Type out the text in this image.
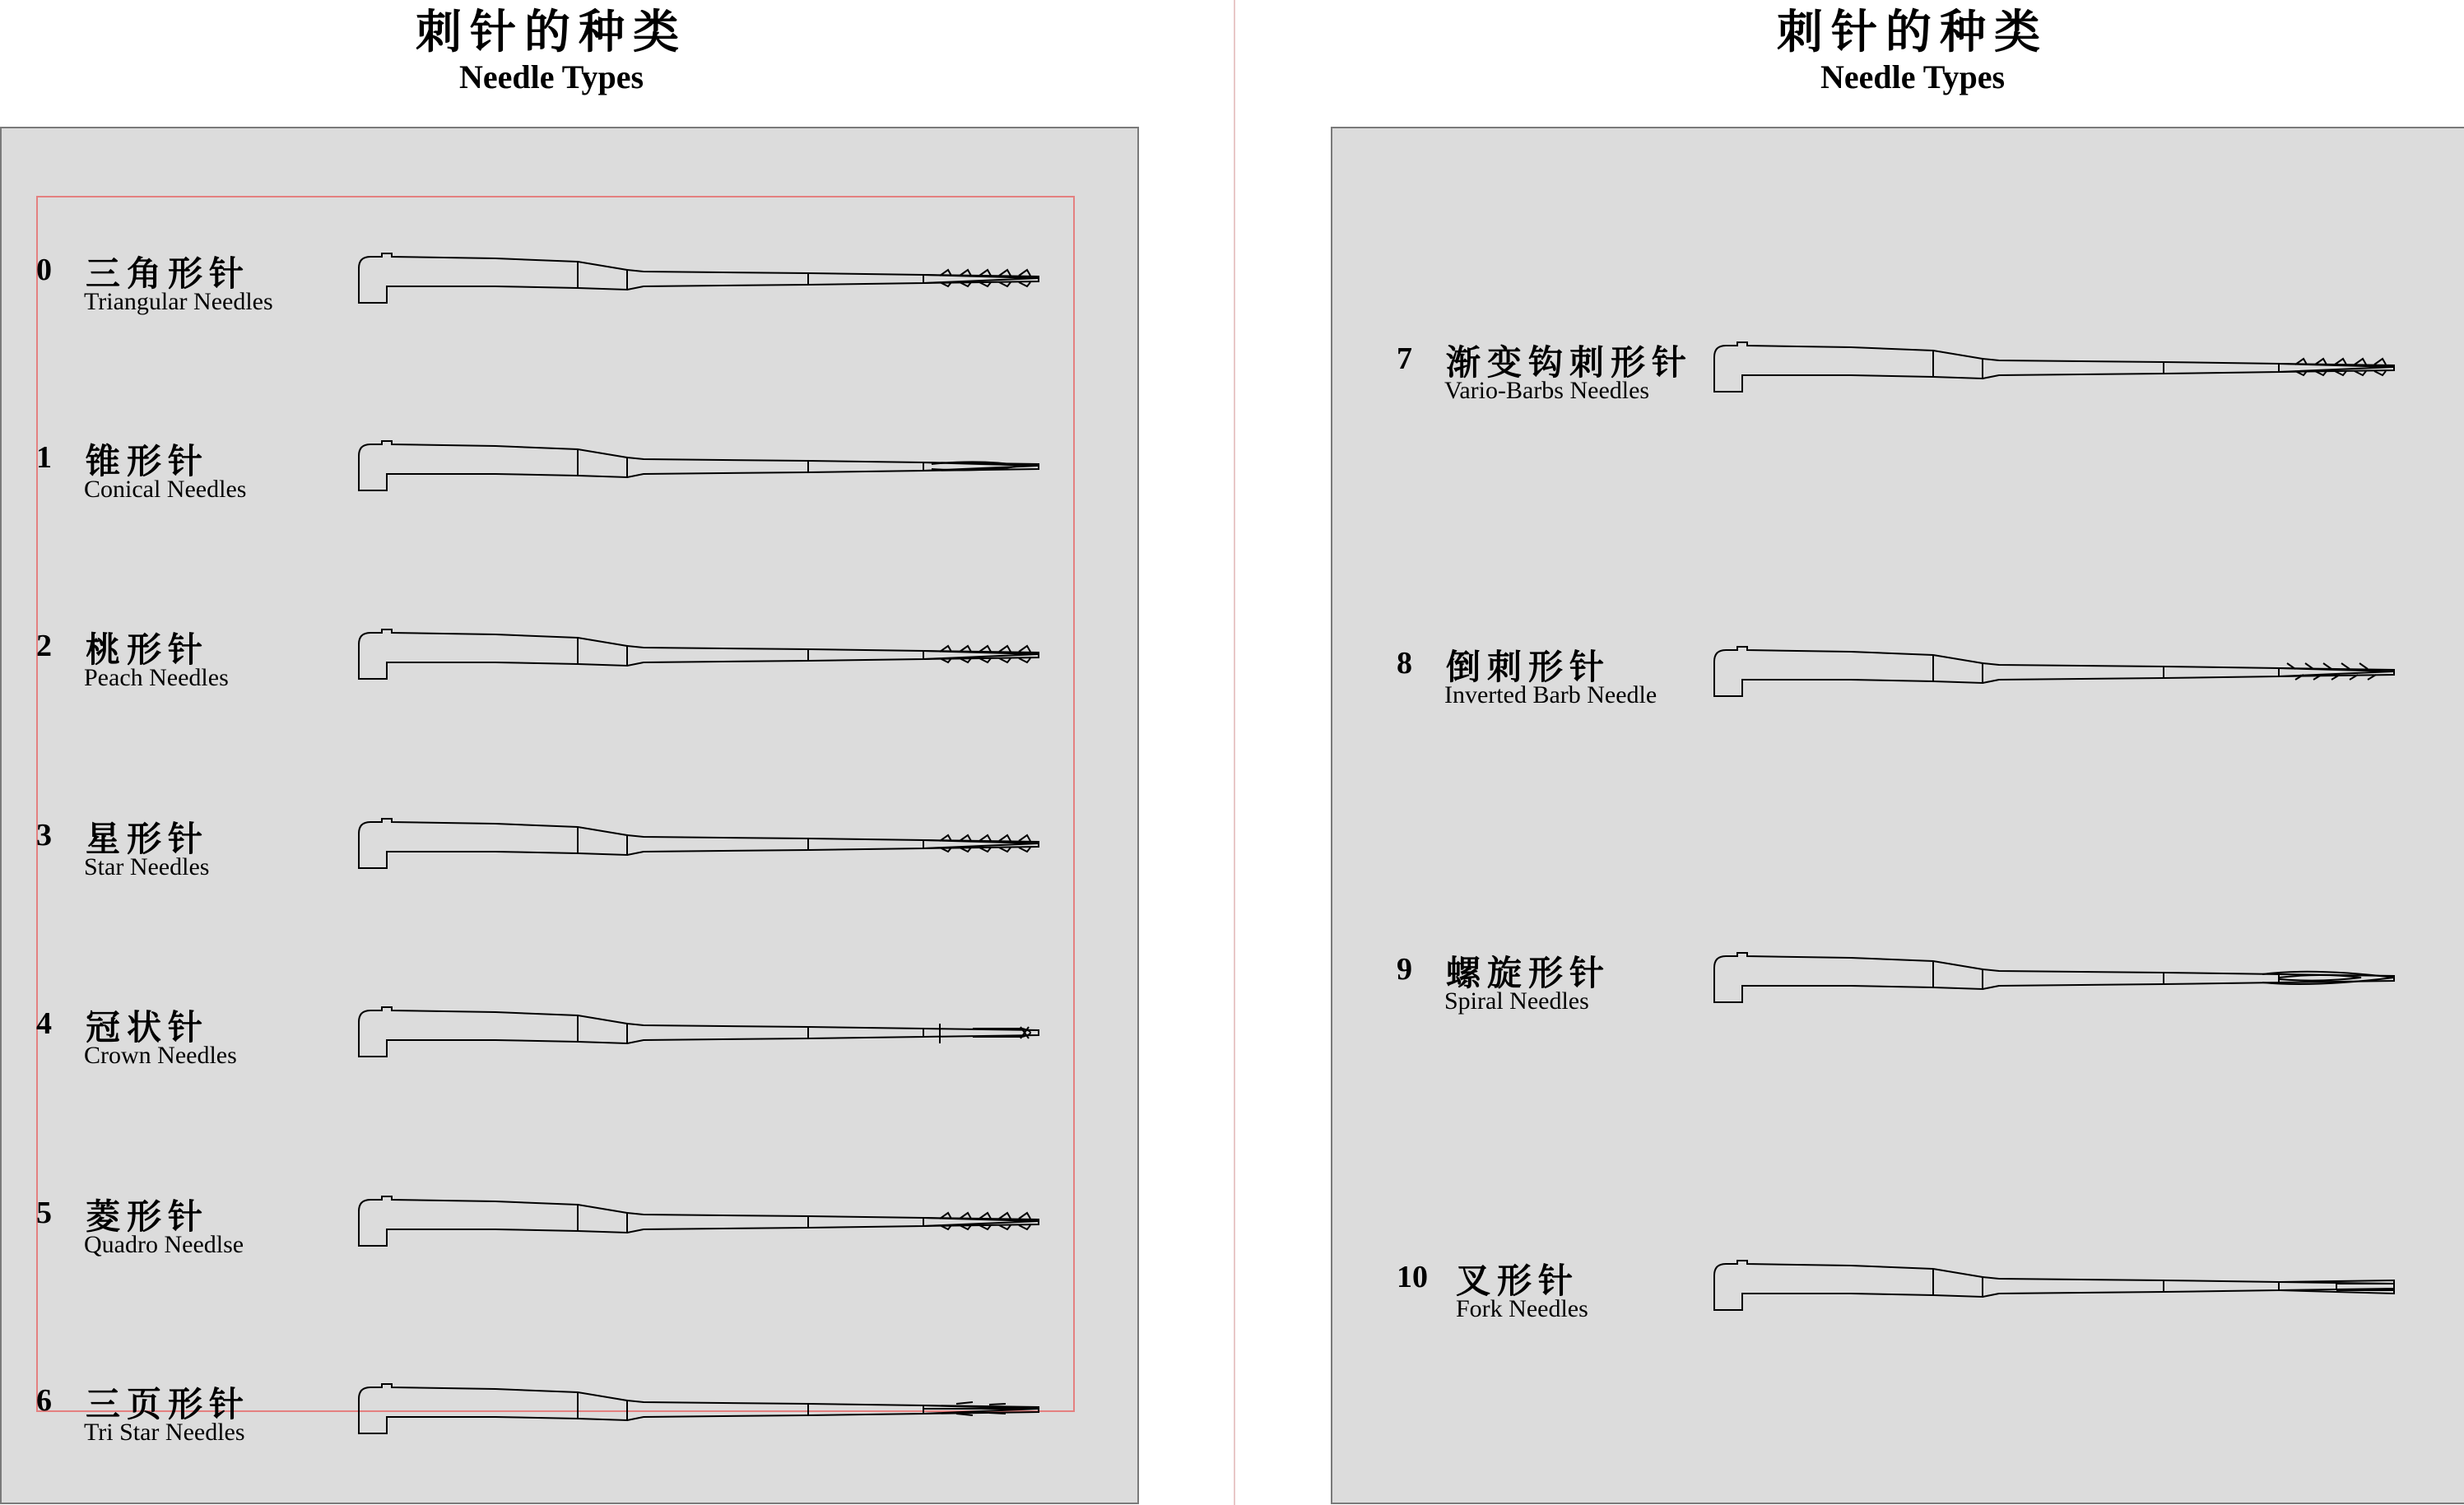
刺针的种类
Needle Types
刺针的种类
Needle Types
0 三角形针
Triangular Needles
1 锥形针
Conical Needles
2 桃形针
Peach Needles
3 星形针
Star Needles
4 冠状针
Crown Needles
5 菱形针
Quadro Needlse
6 三页形针
Tri Star Needles
7 渐变钩刺形针
Vario-Barbs Needles
8 倒刺形针
Inverted Barb Needle
9 螺旋形针
Spiral Needles
10 叉形针
Fork Needles
